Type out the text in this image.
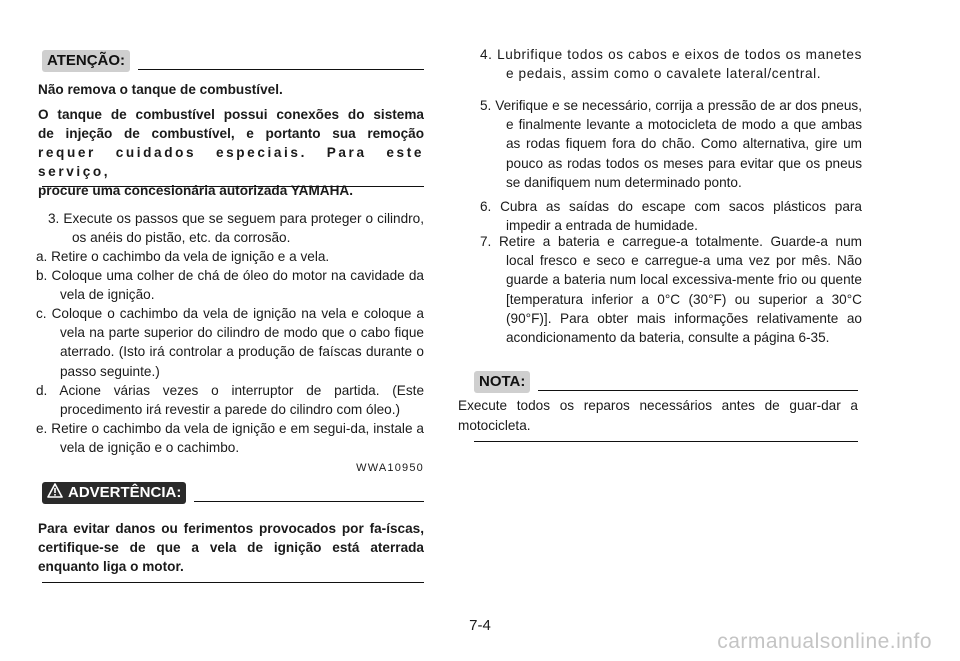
ATENÇÃO:
Não remova o tanque de combustível.
O tanque de combustível possui conexões do sistema
de injeção de combustível, e portanto sua remoção
requer cuidados especiais. Para este serviço,
procure uma concesionária autorizada YAMAHA.
3. Execute os passos que se seguem para proteger o cilindro, os anéis do pistão, etc. da corrosão.
a. Retire o cachimbo da vela de ignição e a vela.
b. Coloque uma colher de chá de óleo do motor na cavidade da vela de ignição.
c. Coloque o cachimbo da vela de ignição na vela e coloque a vela na parte superior do cilindro de modo que o cabo fique aterrado. (Isto irá controlar a produção de faíscas durante o passo seguinte.)
d. Acione várias vezes o interruptor de partida. (Este procedimento irá revestir a parede do cilindro com óleo.)
e. Retire o cachimbo da vela de ignição e em segui-da, instale a vela de ignição e o cachimbo.
WWA10950
ADVERTÊNCIA:
Para evitar danos ou ferimentos provocados por fa-íscas, certifique-se de que a vela de ignição está aterrada enquanto liga o motor.
4. Lubrifique todos os cabos e eixos de todos os manetes e pedais, assim como o cavalete lateral/central.
5. Verifique e se necessário, corrija a pressão de ar dos pneus, e finalmente levante a motocicleta de modo a que ambas as rodas fiquem fora do chão. Como alternativa, gire um pouco as rodas todos os meses para evitar que os pneus se danifiquem num determinado ponto.
6. Cubra as saídas do escape com sacos plásticos para impedir a entrada de humidade.
7. Retire a bateria e carregue-a totalmente. Guarde-a num local fresco e seco e carregue-a uma vez por mês. Não guarde a bateria num local excessiva-mente frio ou quente [temperatura inferior a 0°C (30°F) ou superior a 30°C (90°F)]. Para obter mais informações relativamente ao acondicionamento da bateria, consulte a página 6-35.
NOTA:
Execute todos os reparos necessários antes de guar-dar a motocicleta.
7-4
carmanualsonline.info
